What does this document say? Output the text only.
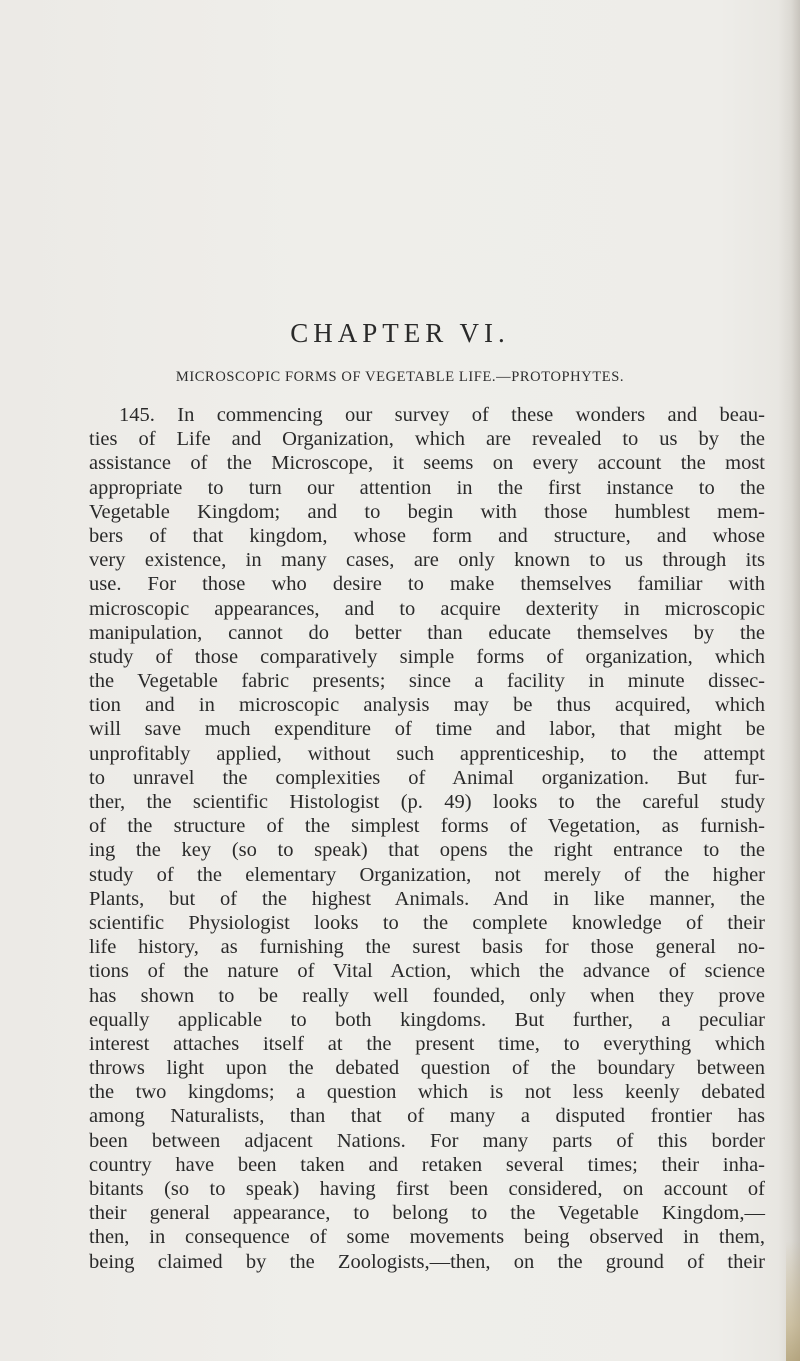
CHAPTER VI.

MICROSCOPIC FORMS OF VEGETABLE LIFE.—PROTOPHYTES.

145. In commencing our survey of these wonders and beau-
ties of Life and Organization, which are revealed to us by the
assistance of the Microscope, it seems on every account the most
appropriate to turn our attention in the first instance to the
Vegetable Kingdom; and to begin with those humblest mem-
bers of that kingdom, whose form and structure, and whose
very existence, in many cases, are only known to us through its
use. For those who desire to make themselves familiar with
microscopic appearances, and to acquire dexterity in microscopic
manipulation, cannot do better than educate themselves by the
study of those comparatively simple forms of organization, which
the Vegetable fabric presents; since a facility in minute dissec-
tion and in microscopic analysis may be thus acquired, which
will save much expenditure of time and labor, that might be
unprofitably applied, without such apprenticeship, to the attempt
to unravel the complexities of Animal organization. But fur-
ther, the scientific Histologist (p. 49) looks to the careful study
of the structure of the simplest forms of Vegetation, as furnish-
ing the key (so to speak) that opens the right entrance to the
study of the elementary Organization, not merely of the higher
Plants, but of the highest Animals. And in like manner, the
scientific Physiologist looks to the complete knowledge of their
life history, as furnishing the surest basis for those general no-
tions of the nature of Vital Action, which the advance of science
has shown to be really well founded, only when they prove
equally applicable to both kingdoms. But further, a peculiar
interest attaches itself at the present time, to everything which
throws light upon the debated question of the boundary between
the two kingdoms; a question which is not less keenly debated
among Naturalists, than that of many a disputed frontier has
been between adjacent Nations. For many parts of this border
country have been taken and retaken several times; their inha-
bitants (so to speak) having first been considered, on account of
their general appearance, to belong to the Vegetable Kingdom,—
then, in consequence of some movements being observed in them,
being claimed by the Zoologists,—then, on the ground of their
